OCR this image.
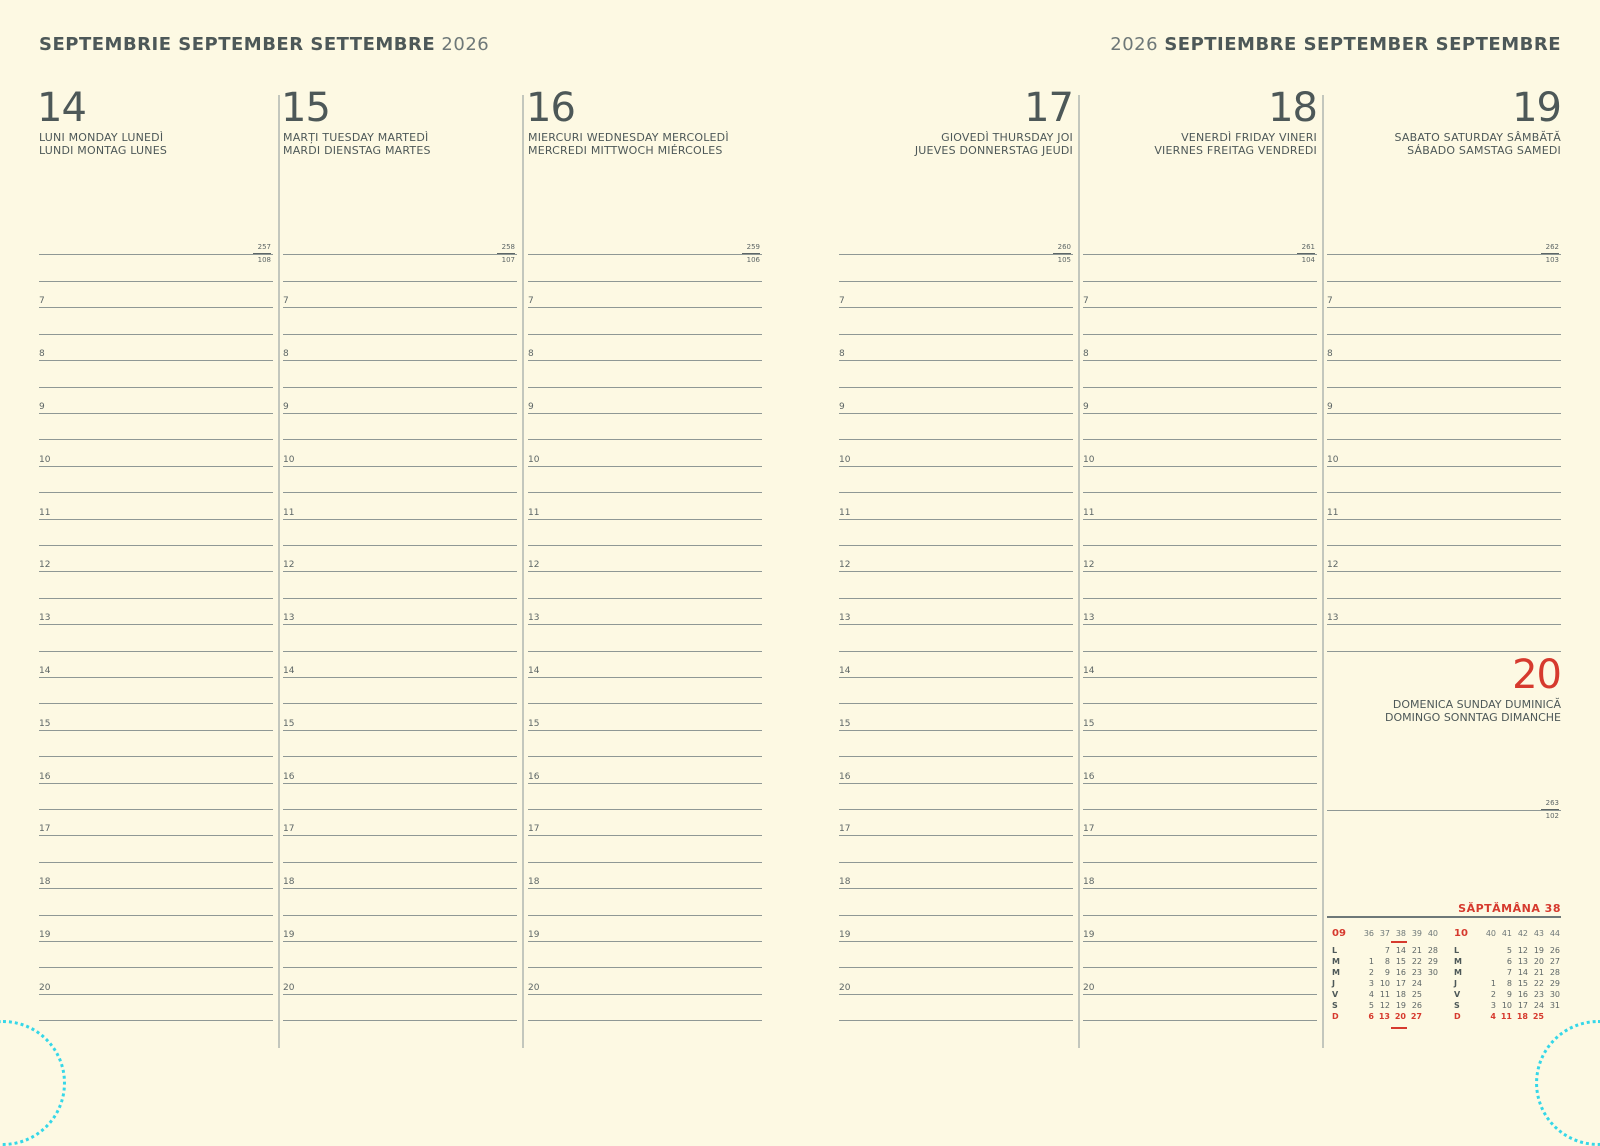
SEPTEMBRIE SEPTEMBER SETTEMBRE 2026	2026 SEPTIEMBRE SEPTEMBER SEPTEMBRE
14
LUNI MONDAY LUNEDÌ
LUNDI MONTAG LUNES
257
108
7
8
9
10
11
12
13
14
15
16
17
18
19
20
15
MARȚI TUESDAY MARTEDÌ
MARDI DIENSTAG MARTES
258
107
7
8
9
10
11
12
13
14
15
16
17
18
19
20
16
MIERCURI WEDNESDAY MERCOLEDÌ
MERCREDI MITTWOCH MIÉRCOLES
259
106
7
8
9
10
11
12
13
14
15
16
17
18
19
20
17
GIOVEDÌ THURSDAY JOI
JUEVES DONNERSTAG JEUDI
260
105
7
8
9
10
11
12
13
14
15
16
17
18
19
20
18
VENERDÌ FRIDAY VINERI
VIERNES FREITAG VENDREDI
261
104
7
8
9
10
11
12
13
14
15
16
17
18
19
20
19
SABATO SATURDAY SÂMBĂTĂ
SÁBADO SAMSTAG SAMEDI
262
103
7
8
9
10
11
12
13
20
DOMENICA SUNDAY DUMINICĂ
DOMINGO SONNTAG DIMANCHE
263
102
SĂPTĂMÂNA 38
09	36	37	38	39	40

L		7	14	21	28
M	1	8	15	22	29
M	2	9	16	23	30
J	3	10	17	24	
V	4	11	18	25	
S	5	12	19	26	
D	6	13	20	27	
10	40	41	42	43	44

L		5	12	19	26
M		6	13	20	27
M		7	14	21	28
J	1	8	15	22	29
V	2	9	16	23	30
S	3	10	17	24	31
D	4	11	18	25	
